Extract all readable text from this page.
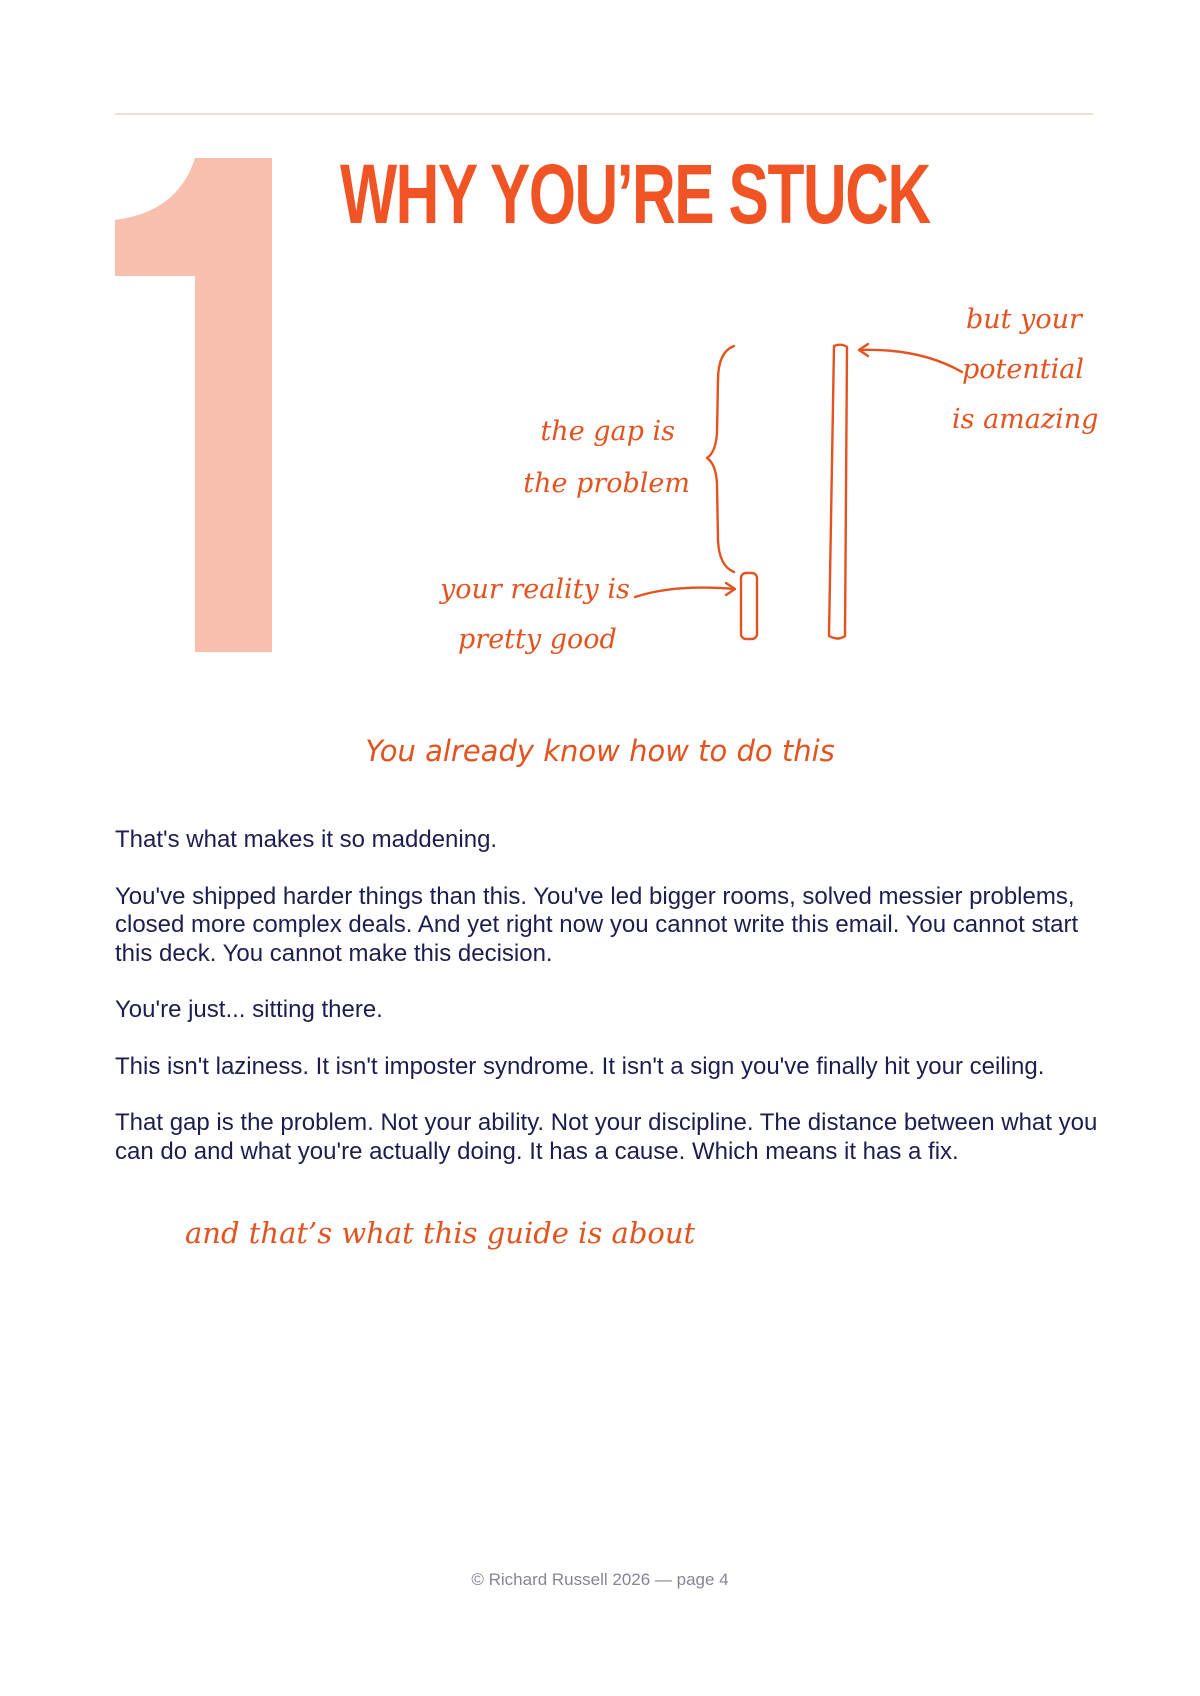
WHY YOU’RE STUCK
the gap is
the problem
your reality is
pretty good
but your
potential
is amazing

You already know how to do this

That's what makes it so maddening.

You've shipped harder things than this. You've led bigger rooms, solved messier problems, closed more complex deals. And yet right now you cannot write this email. You cannot start this deck. You cannot make this decision.

You're just... sitting there.

This isn't laziness. It isn't imposter syndrome. It isn't a sign you've finally hit your ceiling.

That gap is the problem. Not your ability. Not your discipline. The distance between what you can do and what you're actually doing. It has a cause. Which means it has a fix.

and that’s what this guide is about

© Richard Russell 2026 — page 4
